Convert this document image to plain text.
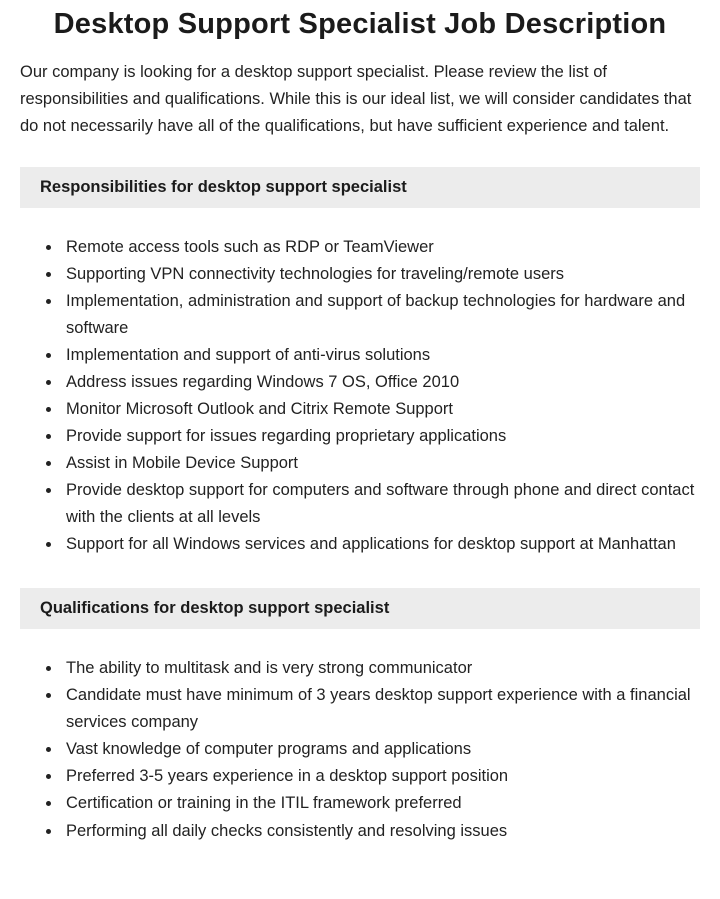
Desktop Support Specialist Job Description

Our company is looking for a desktop support specialist. Please review the list of responsibilities and qualifications. While this is our ideal list, we will consider candidates that do not necessarily have all of the qualifications, but have sufficient experience and talent.

Responsibilities for desktop support specialist
• Remote access tools such as RDP or TeamViewer
• Supporting VPN connectivity technologies for traveling/remote users
• Implementation, administration and support of backup technologies for hardware and software
• Implementation and support of anti-virus solutions
• Address issues regarding Windows 7 OS, Office 2010
• Monitor Microsoft Outlook and Citrix Remote Support
• Provide support for issues regarding proprietary applications
• Assist in Mobile Device Support
• Provide desktop support for computers and software through phone and direct contact with the clients at all levels
• Support for all Windows services and applications for desktop support at Manhattan
Qualifications for desktop support specialist
• The ability to multitask and is very strong communicator
• Candidate must have minimum of 3 years desktop support experience with a financial services company
• Vast knowledge of computer programs and applications
• Preferred 3-5 years experience in a desktop support position
• Certification or training in the ITIL framework preferred
• Performing all daily checks consistently and resolving issues
